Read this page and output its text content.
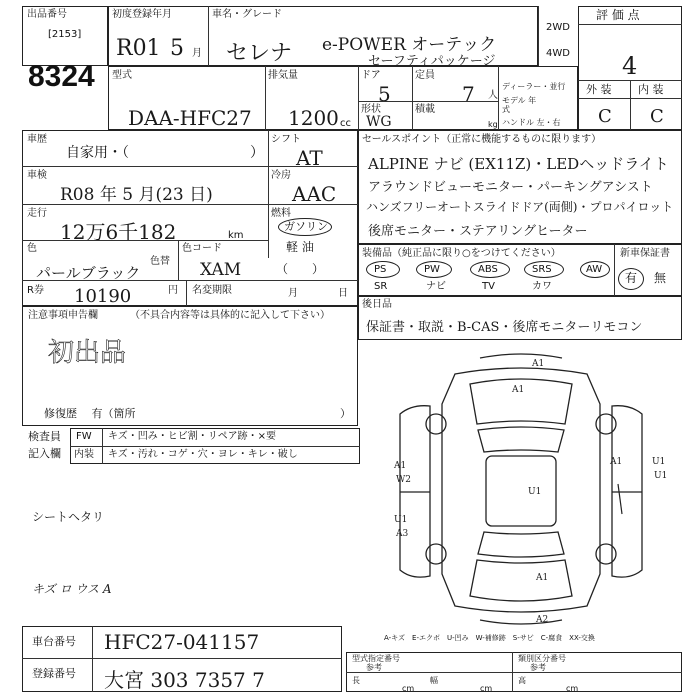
出品番号
[2153]
8324
初度登録年月
R01 5 月
車名・グレード
セレナ e-POWER オーテック
セーフティパッケージ
2WD
4WD
評 価 点
4
外 装 内 装
C C
型式
DAA-HFC27
排気量
1200 cc
ドア
5
定員
7 人
形状
WG
積載
kg
ディーラー・並行
モデル 年式
ハンドル 左・右
車歴
自家用・（	）
シフト
AT
車検
R08 年 5 月(23 日)
冷房
AAC
走行
12万6千182	km
燃料
ガソリン
軽 油
色
パールブラック
色替
色コード
XAM	（　　）
R券 10190	円 名変期限	月	日
注意事項申告欄	（不具合内容等は具体的に記入して下さい）
初出品
修復歴　 有（箇所	）
検査員
記入欄
FW キズ・凹み・ヒビ割・リペア跡・×要
内装 キズ・汚れ・コゲ・穴・ヨレ・キレ・破し
シートヘタリ
キズ ロ ウス A
セールスポイント（正常に機能するものに限ります）
ALPINE ナビ (EX11Z)・LEDヘッドライト
アラウンドビューモニター・パーキングアシスト
ハンズフリーオートスライドドア(両側)・プロパイロット
後席モニター・ステアリングヒーター
装備品（純正品に限り○をつけてください）	新車保証書
PS	PW	ABS	SRS	AW
SR	ナビ	TV	カワ
有 無
後日品
保証書・取説・B-CAS・後席モニターリモコン
A1
A1
A1
W2
U1
A3
U1
A1
U1
U1
A1
A2
A-キズ　E-エクボ　U-凹み　W-補修跡　S-サビ　C-腐食　XX-交換
車台番号 HFC27-041157
登録番号 大宮 303 7357 7
型式指定番号
参考
類別区分番号
参考
長
cm
幅
cm
高
cm
